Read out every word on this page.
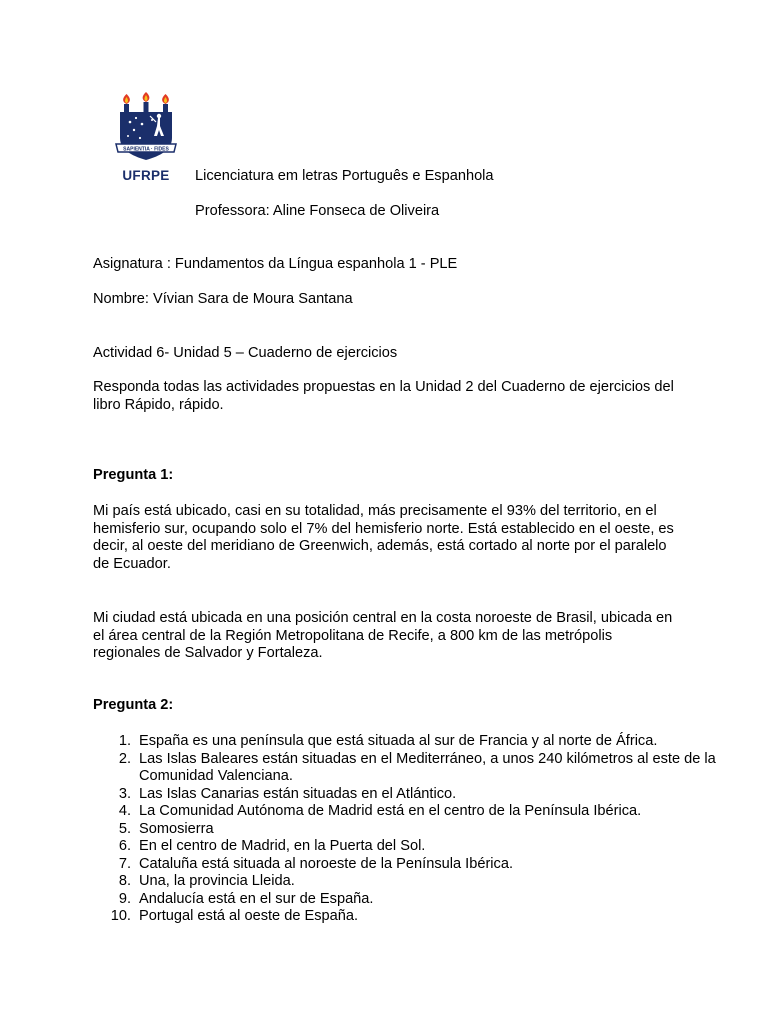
SAPIENTIA · FIDES
UFRPE	Licenciatura em letras Português e Espanhola
Professora: Aline Fonseca de Oliveira
Asignatura : Fundamentos da Língua espanhola 1 - PLE
Nombre: Vívian Sara de Moura Santana
Actividad 6- Unidad 5 – Cuaderno de ejercicios
Responda todas las actividades propuestas en la Unidad 2 del Cuaderno de ejercicios del libro Rápido, rápido.
Pregunta 1:
Mi país está ubicado, casi en su totalidad, más precisamente el 93% del territorio, en el hemisferio sur, ocupando solo el 7% del hemisferio norte. Está establecido en el oeste, es decir, al oeste del meridiano de Greenwich, además, está cortado al norte por el paralelo de Ecuador.
Mi ciudad está ubicada en una posición central en la costa noroeste de Brasil, ubicada en el área central de la Región Metropolitana de Recife, a 800 km de las metrópolis regionales de Salvador y Fortaleza.
Pregunta 2:
1. España es una península que está situada al sur de Francia y al norte de África.
2. Las Islas Baleares están situadas en el Mediterráneo, a unos 240 kilómetros al este de la Comunidad Valenciana.
3. Las Islas Canarias están situadas en el Atlántico.
4. La Comunidad Autónoma de Madrid está en el centro de la Península Ibérica.
5. Somosierra
6. En el centro de Madrid, en la Puerta del Sol.
7. Cataluña está situada al noroeste de la Península Ibérica.
8. Una, la provincia Lleida.
9. Andalucía está en el sur de España.
10. Portugal está al oeste de España.
